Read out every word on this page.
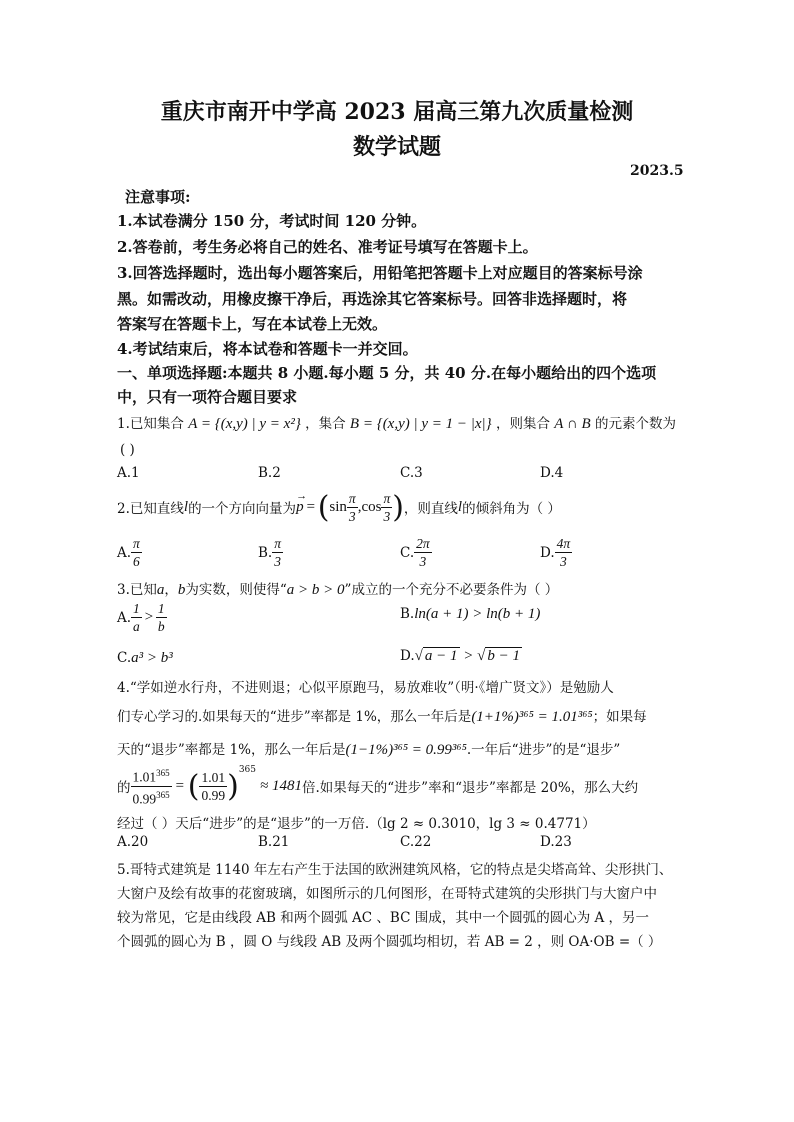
重庆市南开中学高 2023 届高三第九次质量检测
数学试题
2023.5
注意事项:
1.本试卷满分 150 分，考试时间 120 分钟。
2.答卷前，考生务必将自己的姓名、准考证号填写在答题卡上。
3.回答选择题时，选出每小题答案后，用铅笔把答题卡上对应题目的答案标号涂
黑。如需改动，用橡皮擦干净后，再选涂其它答案标号。回答非选择题时，将
答案写在答题卡上，写在本试卷上无效。
4.考试结束后，将本试卷和答题卡一并交回。
一、单项选择题:本题共 8 小题.每小题 5 分，共 40 分.在每小题给出的四个选项
中，只有一项符合题目要求
1.已知集合 A = {(x,y) | y = x²} ，集合 B = {(x,y) | y = 1 − |x|} ，则集合 A ∩ B 的元素个数为
( )
A.1	B.2	C.3	D.4
2.已知直线 l 的一个方向向量为
→
p = ( $\sin \frac{\pi}{3} ,\cos \frac{\pi}{3}$ ) ，则直线 l 的倾斜角为（ ）
A. $\frac{\pi}{6}$	B. $\frac{\pi}{3}$	C. $\frac{2\pi}{3}$	D. $\frac{4\pi}{3}$
3.已知a，b为实数，则使得“a > b > 0”成立的一个充分不必要条件为（ ）
A. $\frac{1}{a} > \frac{1}{b}$	B.ln(a + 1) > ln(b + 1)
C.a³ > b³	D.√ a − 1 > √ b − 1
4.“学如逆水行舟，不进则退；心似平原跑马，易放难收”（明·《增广贤文》）是勉励人
们专心学习的.如果每天的“进步”率都是 1%，那么一年后是(1+1%)³⁶⁵ = 1.01³⁶⁵；如果每
天的“退步”率都是 1%，那么一年后是(1−1%)³⁶⁵ = 0.99³⁶⁵.一年后“进步”的是“退步”
的 $\frac{1.01^{365}}{0.99^{365}}$ = ( $\frac{1.01}{0.99} )^{365}$
≈ 1481 倍.如果每天的“进步”率和“退步”率都是 20%，那么大约
经过（ ）天后“进步”的是“退步”的一万倍.（lg 2 ≈ 0.3010，lg 3 ≈ 0.4771）
A.20	B.21	C.22	D.23
5.哥特式建筑是 1140 年左右产生于法国的欧洲建筑风格，它的特点是尖塔高耸、尖形拱门、
大窗户及绘有故事的花窗玻璃，如图所示的几何图形，在哥特式建筑的尖形拱门与大窗户中
较为常见，它是由线段 AB 和两个圆弧 AC 、BC 围成，其中一个圆弧的圆心为 A ，另一
个圆弧的圆心为 B ，圆 O 与线段 AB 及两个圆弧均相切，若 AB = 2 ，则 OA·OB =（ ）
